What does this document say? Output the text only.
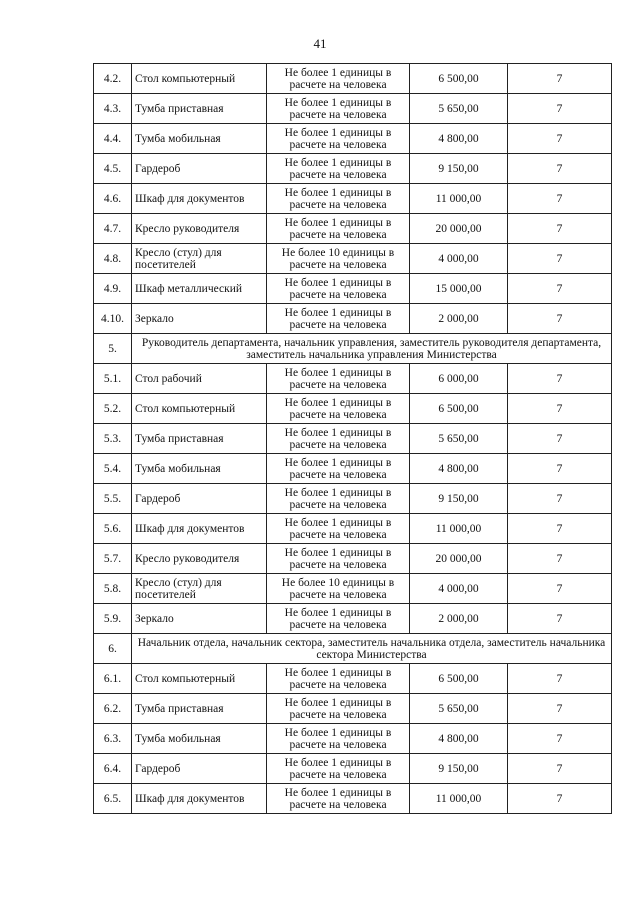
41
4.2.	Стол компьютерный	Не более 1 единицы в расчете на человека	6 500,00	7
4.3.	Тумба приставная	Не более 1 единицы в расчете на человека	5 650,00	7
4.4.	Тумба мобильная	Не более 1 единицы в расчете на человека	4 800,00	7
4.5.	Гардероб	Не более 1 единицы в расчете на человека	9 150,00	7
4.6.	Шкаф для документов	Не более 1 единицы в расчете на человека	11 000,00	7
4.7.	Кресло руководителя	Не более 1 единицы в расчете на человека	20 000,00	7
4.8.	Кресло (стул) для посетителей	Не более 10 единицы в расчете на человека	4 000,00	7
4.9.	Шкаф металлический	Не более 1 единицы в расчете на человека	15 000,00	7
4.10.	Зеркало	Не более 1 единицы в расчете на человека	2 000,00	7
5.	Руководитель департамента, начальник управления, заместитель руководителя департамента, заместитель начальника управления Министерства			
5.1.	Стол рабочий	Не более 1 единицы в расчете на человека	6 000,00	7
5.2.	Стол компьютерный	Не более 1 единицы в расчете на человека	6 500,00	7
5.3.	Тумба приставная	Не более 1 единицы в расчете на человека	5 650,00	7
5.4.	Тумба мобильная	Не более 1 единицы в расчете на человека	4 800,00	7
5.5.	Гардероб	Не более 1 единицы в расчете на человека	9 150,00	7
5.6.	Шкаф для документов	Не более 1 единицы в расчете на человека	11 000,00	7
5.7.	Кресло руководителя	Не более 1 единицы в расчете на человека	20 000,00	7
5.8.	Кресло (стул) для посетителей	Не более 10 единицы в расчете на человека	4 000,00	7
5.9.	Зеркало	Не более 1 единицы в расчете на человека	2 000,00	7
6.	Начальник отдела, начальник сектора, заместитель начальника отдела, заместитель начальника сектора Министерства			
6.1.	Стол компьютерный	Не более 1 единицы в расчете на человека	6 500,00	7
6.2.	Тумба приставная	Не более 1 единицы в расчете на человека	5 650,00	7
6.3.	Тумба мобильная	Не более 1 единицы в расчете на человека	4 800,00	7
6.4.	Гардероб	Не более 1 единицы в расчете на человека	9 150,00	7
6.5.	Шкаф для документов	Не более 1 единицы в расчете на человека	11 000,00	7
